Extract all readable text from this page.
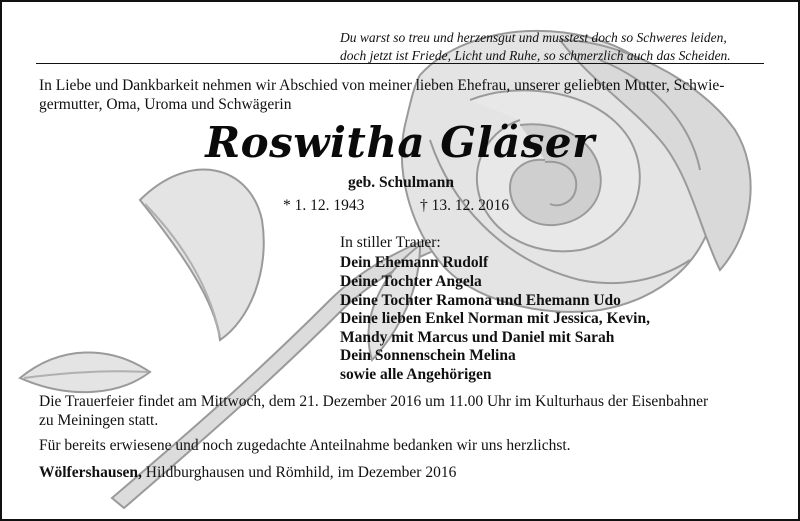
Du warst so treu und herzensgut und musstest doch so Schweres leiden,
doch jetzt ist Friede, Licht und Ruhe, so schmerzlich auch das Scheiden.
In Liebe und Dankbarkeit nehmen wir Abschied von meiner lieben Ehefrau, unserer geliebten Mutter, Schwie-
germutter, Oma, Uroma und Schwägerin
Roswitha Gläser
geb. Schulmann
* 1. 12. 1943	† 13. 12. 2016
In stiller Trauer:
Dein Ehemann Rudolf
Deine Tochter Angela
Deine Tochter Ramona und Ehemann Udo
Deine lieben Enkel Norman mit Jessica, Kevin,
Mandy mit Marcus und Daniel mit Sarah
Dein Sonnenschein Melina
sowie alle Angehörigen
Die Trauerfeier findet am Mittwoch, dem 21. Dezember 2016 um 11.00 Uhr im Kulturhaus der Eisenbahner
zu Meiningen statt.
Für bereits erwiesene und noch zugedachte Anteilnahme bedanken wir uns herzlichst.
Wölfershausen, Hildburghausen und Römhild, im Dezember 2016
